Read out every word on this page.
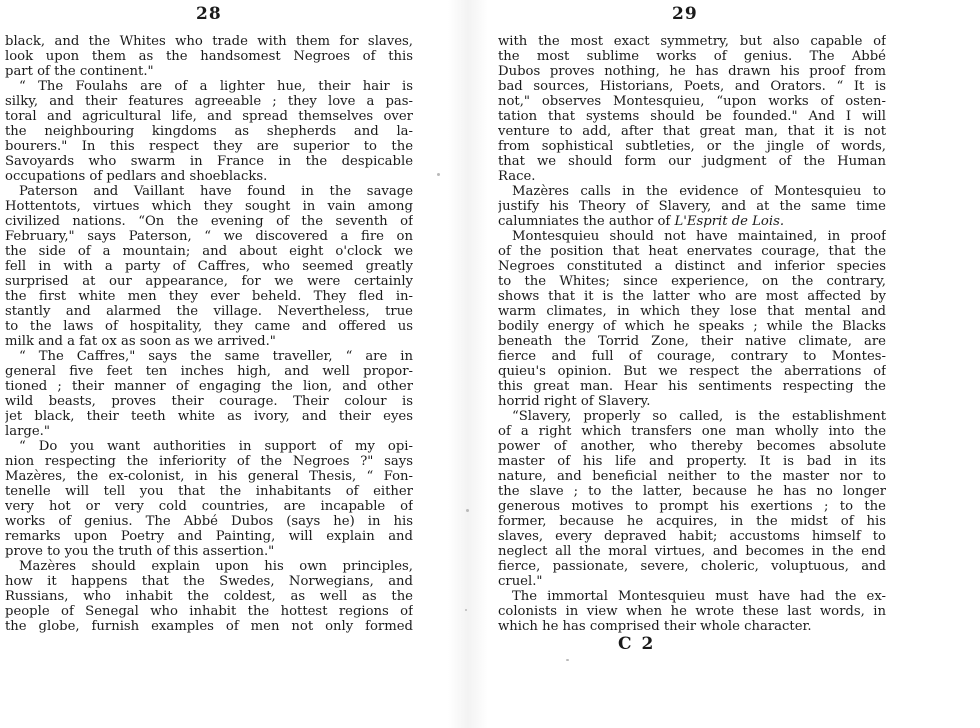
28
black, and the Whites who trade with them for slaves,
look upon them as the handsomest Negroes of this
part of the continent."
“ The Foulahs are of a lighter hue, their hair is
silky, and their features agreeable ; they love a pas-
toral and agricultural life, and spread themselves over
the neighbouring kingdoms as shepherds and la-
bourers." In this respect they are superior to the
Savoyards who swarm in France in the despicable
occupations of pedlars and shoeblacks.
Paterson and Vaillant have found in the savage
Hottentots, virtues which they sought in vain among
civilized nations. “On the evening of the seventh of
February," says Paterson, “ we discovered a fire on
the side of a mountain; and about eight o'clock we
fell in with a party of Caffres, who seemed greatly
surprised at our appearance, for we were certainly
the first white men they ever beheld. They fled in-
stantly and alarmed the village. Nevertheless, true
to the laws of hospitality, they came and offered us
milk and a fat ox as soon as we arrived."
“ The Caffres," says the same traveller, “ are in
general five feet ten inches high, and well propor-
tioned ; their manner of engaging the lion, and other
wild beasts, proves their courage. Their colour is
jet black, their teeth white as ivory, and their eyes
large."
“ Do you want authorities in support of my opi-
nion respecting the inferiority of the Negroes ?" says
Mazères, the ex-colonist, in his general Thesis, “ Fon-
tenelle will tell you that the inhabitants of either
very hot or very cold countries, are incapable of
works of genius. The Abbé Dubos (says he) in his
remarks upon Poetry and Painting, will explain and
prove to you the truth of this assertion."
Mazères should explain upon his own principles,
how it happens that the Swedes, Norwegians, and
Russians, who inhabit the coldest, as well as the
people of Senegal who inhabit the hottest regions of
the globe, furnish examples of men not only formed
29
with the most exact symmetry, but also capable of
the most sublime works of genius. The Abbé
Dubos proves nothing, he has drawn his proof from
bad sources, Historians, Poets, and Orators. “ It is
not," observes Montesquieu, “upon works of osten-
tation that systems should be founded." And I will
venture to add, after that great man, that it is not
from sophistical subtleties, or the jingle of words,
that we should form our judgment of the Human
Race.
Mazères calls in the evidence of Montesquieu to
justify his Theory of Slavery, and at the same time
calumniates the author of L'Esprit de Lois.
Montesquieu should not have maintained, in proof
of the position that heat enervates courage, that the
Negroes constituted a distinct and inferior species
to the Whites; since experience, on the contrary,
shows that it is the latter who are most affected by
warm climates, in which they lose that mental and
bodily energy of which he speaks ; while the Blacks
beneath the Torrid Zone, their native climate, are
fierce and full of courage, contrary to Montes-
quieu's opinion. But we respect the aberrations of
this great man. Hear his sentiments respecting the
horrid right of Slavery.
“Slavery, properly so called, is the establishment
of a right which transfers one man wholly into the
power of another, who thereby becomes absolute
master of his life and property. It is bad in its
nature, and beneficial neither to the master nor to
the slave ; to the latter, because he has no longer
generous motives to prompt his exertions ; to the
former, because he acquires, in the midst of his
slaves, every depraved habit; accustoms himself to
neglect all the moral virtues, and becomes in the end
fierce, passionate, severe, choleric, voluptuous, and
cruel."
The immortal Montesquieu must have had the ex-
colonists in view when he wrote these last words, in
which he has comprised their whole character.
C 2
